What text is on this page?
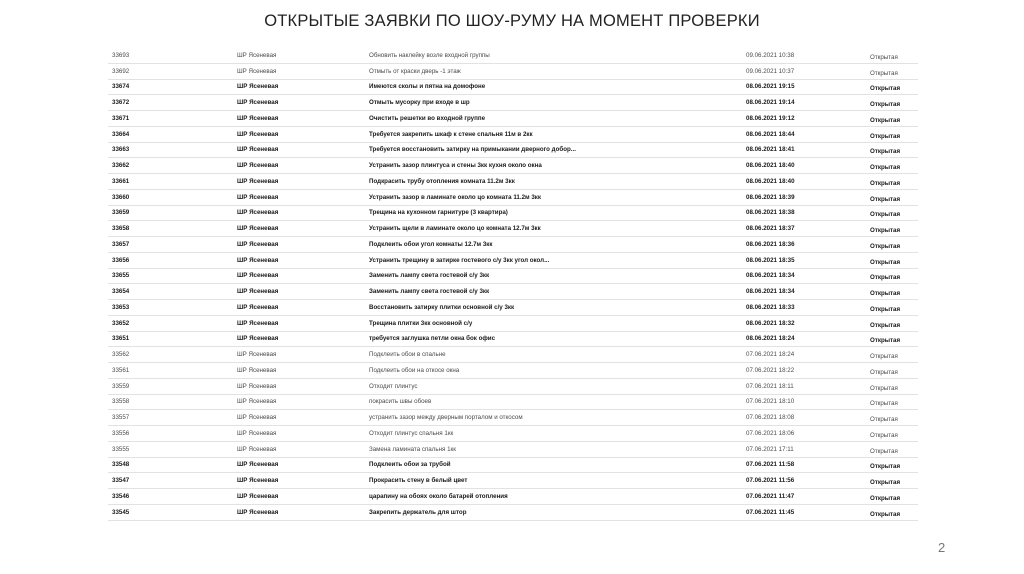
ОТКРЫТЫЕ ЗАЯВКИ ПО ШОУ-РУМУ НА МОМЕНТ ПРОВЕРКИ
33693	ШР Ясеневая	Обновить наклейку возле входной группы	09.06.2021 10:38	Открытая
33692	ШР Ясеневая	Отмыть от краски дверь -1 этаж	09.06.2021 10:37	Открытая
33674	ШР Ясеневая	Имеются сколы и пятна на домофоне	08.06.2021 19:15	Открытая
33672	ШР Ясеневая	Отмыть мусорку при входе в шр	08.06.2021 19:14	Открытая
33671	ШР Ясеневая	Очистить решетки во входной группе	08.06.2021 19:12	Открытая
33664	ШР Ясеневая	Требуется закрепить шкаф к стене спальня 11м в 2кк	08.06.2021 18:44	Открытая
33663	ШР Ясеневая	Требуется восстановить затирку на примыкании дверного добор...	08.06.2021 18:41	Открытая
33662	ШР Ясеневая	Устранить зазор плинтуса и стены 3кк кухня около окна	08.06.2021 18:40	Открытая
33661	ШР Ясеневая	Подкрасить трубу отопления комната 11.2м 3кк	08.06.2021 18:40	Открытая
33660	ШР Ясеневая	Устранить зазор в ламинате около цо комната 11.2м 3кк	08.06.2021 18:39	Открытая
33659	ШР Ясеневая	Трещина на кухонном гарнитуре (3 квартира)	08.06.2021 18:38	Открытая
33658	ШР Ясеневая	Устранить щели в ламинате около цо комната 12.7м 3кк	08.06.2021 18:37	Открытая
33657	ШР Ясеневая	Подклеить обои угол комнаты 12.7м 3кк	08.06.2021 18:36	Открытая
33656	ШР Ясеневая	Устранить трещину в затирке гостевого с/у 3кк угол окол...	08.06.2021 18:35	Открытая
33655	ШР Ясеневая	Заменить лампу света гостевой с/у 3кк	08.06.2021 18:34	Открытая
33654	ШР Ясеневая	Заменить лампу света гостевой с/у 3кк	08.06.2021 18:34	Открытая
33653	ШР Ясеневая	Восстановить затирку плитки основной с/у 3кк	08.06.2021 18:33	Открытая
33652	ШР Ясеневая	Трещина плитки 3кк основной с/у	08.06.2021 18:32	Открытая
33651	ШР Ясеневая	требуется заглушка петли окна бок офис	08.06.2021 18:24	Открытая
33562	ШР Ясеневая	Подклеить обои в спальне	07.06.2021 18:24	Открытая
33561	ШР Ясеневая	Подклеить обои на откосе окна	07.06.2021 18:22	Открытая
33559	ШР Ясеневая	Отходит плинтус	07.06.2021 18:11	Открытая
33558	ШР Ясеневая	покрасить швы обоев	07.06.2021 18:10	Открытая
33557	ШР Ясеневая	устранить зазор между дверным порталом и откосом	07.06.2021 18:08	Открытая
33556	ШР Ясеневая	Отходит плинтус спальня 1кк	07.06.2021 18:06	Открытая
33555	ШР Ясеневая	Замена ламината спальня 1кк	07.06.2021 17:11	Открытая
33548	ШР Ясеневая	Подклеить обои за трубой	07.06.2021 11:58	Открытая
33547	ШР Ясеневая	Прокрасить стену в белый цвет	07.06.2021 11:56	Открытая
33546	ШР Ясеневая	царапину на обоях около батарей отопления	07.06.2021 11:47	Открытая
33545	ШР Ясеневая	Закрепить держатель для штор	07.06.2021 11:45	Открытая
2
